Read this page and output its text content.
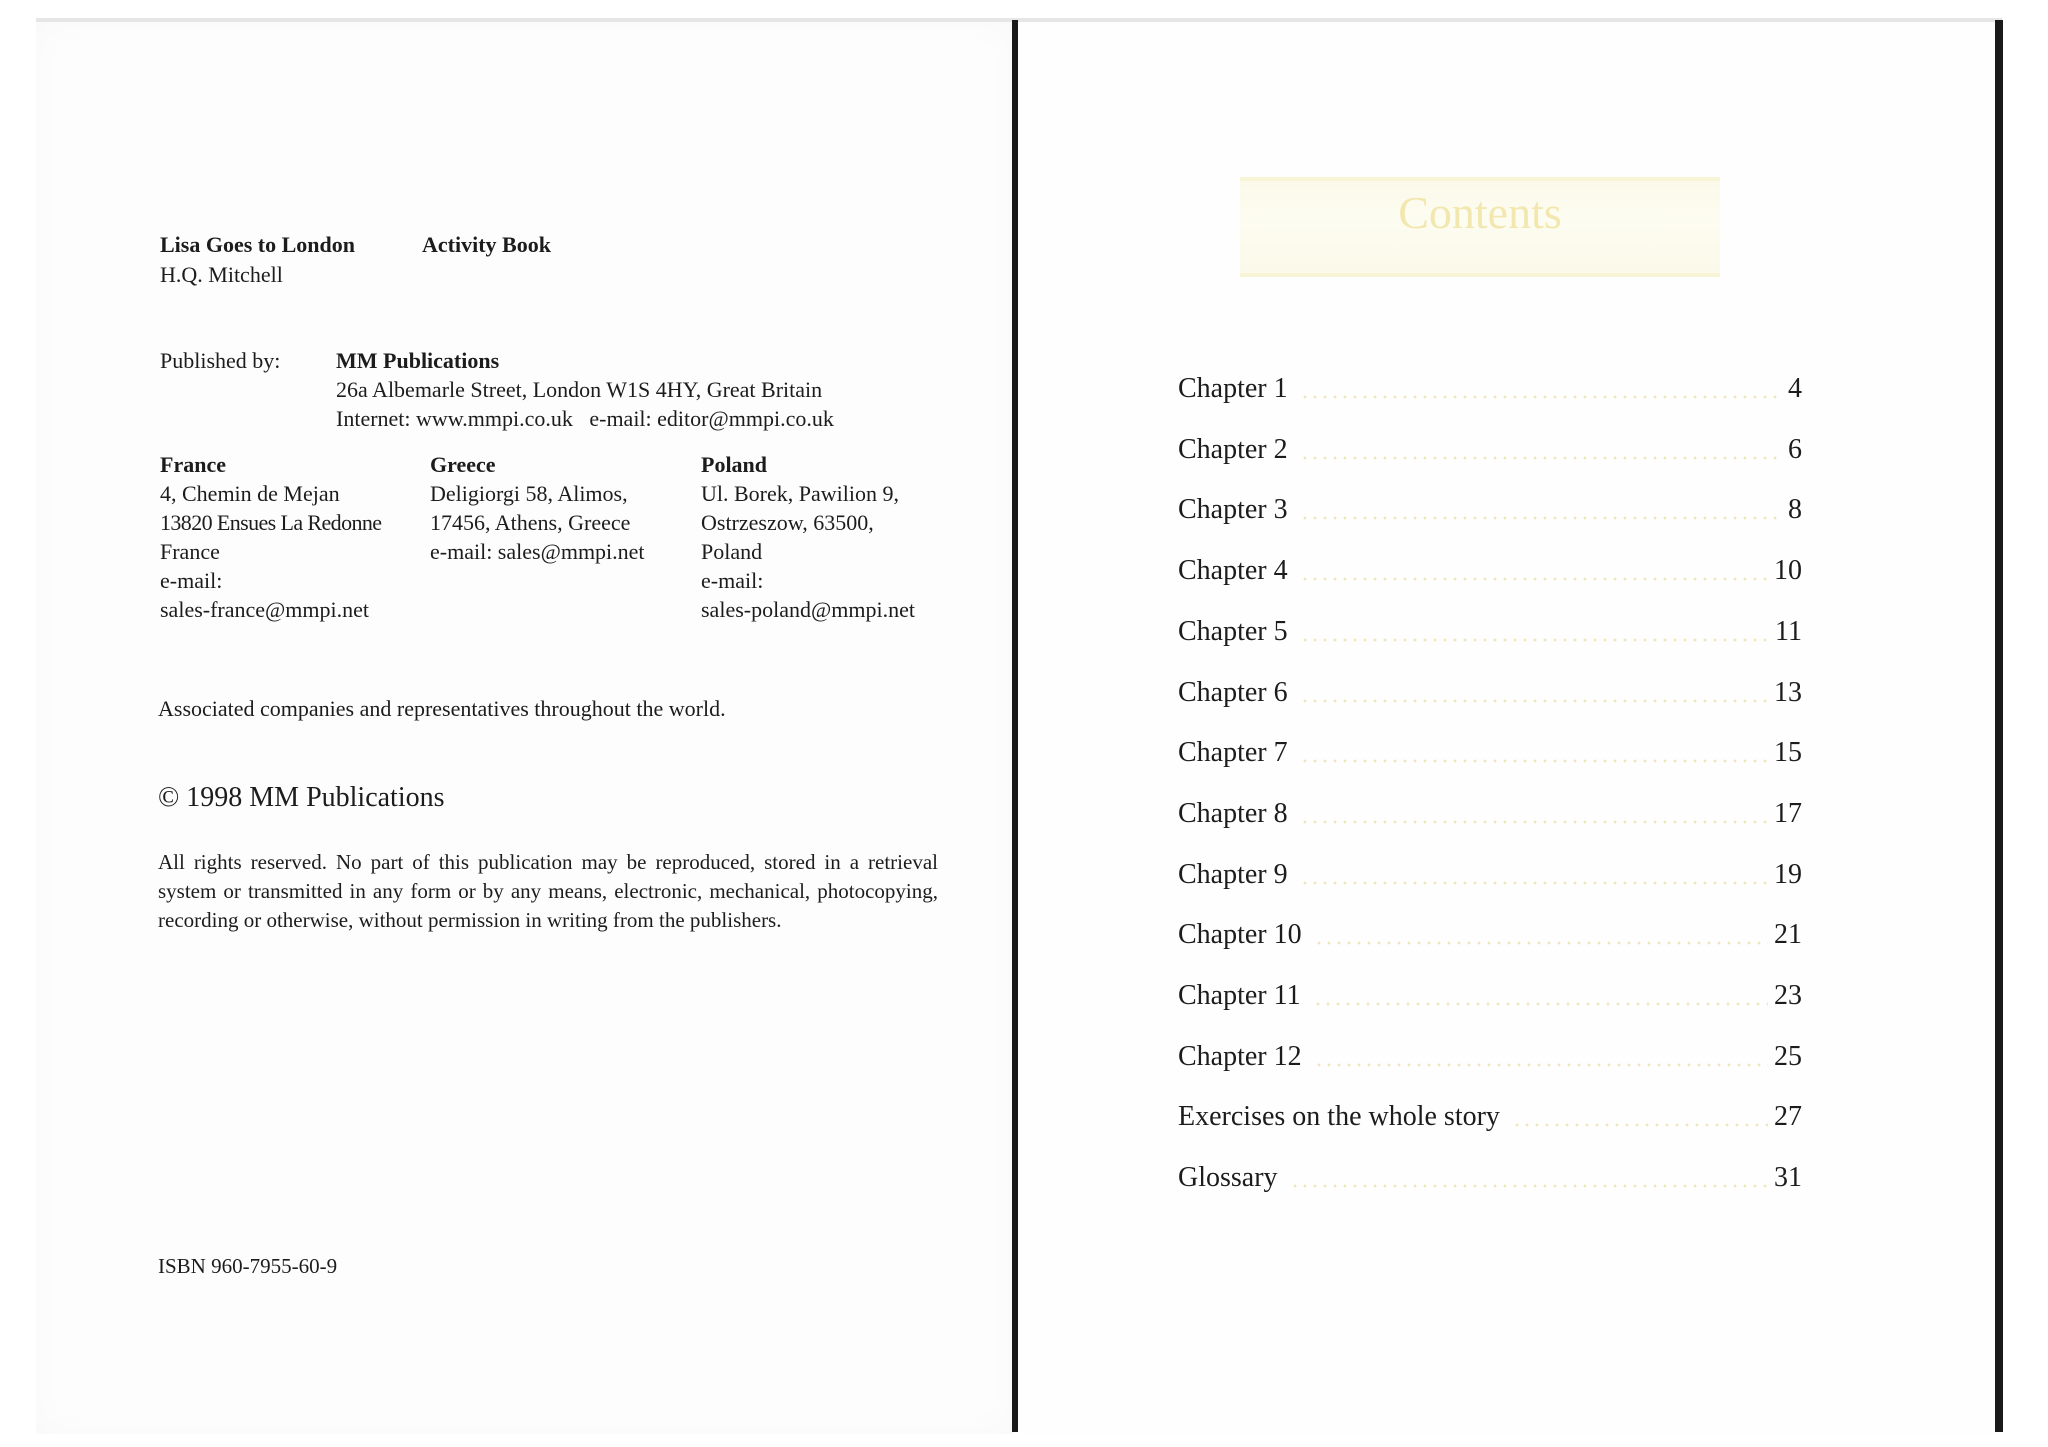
Lisa Goes to London	Activity Book
H.Q. Mitchell
Published by:	MM Publications
26a Albemarle Street, London W1S 4HY, Great Britain
Internet: www.mmpi.co.uk   e-mail: editor@mmpi.co.uk
France
4, Chemin de Mejan
13820 Ensues La Redonne
France
e-mail:
sales-france@mmpi.net
Greece
Deligiorgi 58, Alimos,
17456, Athens, Greece
e-mail: sales@mmpi.net
Poland
Ul. Borek, Pawilion 9,
Ostrzeszow, 63500,
Poland
e-mail:
sales-poland@mmpi.net
Associated companies and representatives throughout the world.
© 1998 MM Publications
All rights reserved. No part of this publication may be reproduced, stored in a retrieval system or transmitted in any form or by any means, electronic, mechanical, photocopying, recording or otherwise, without permission in writing from the publishers.
ISBN 960-7955-60-9
Contents
Chapter 1	4
Chapter 2	6
Chapter 3	8
Chapter 4	10
Chapter 5	11
Chapter 6	13
Chapter 7	15
Chapter 8	17
Chapter 9	19
Chapter 10	21
Chapter 11	23
Chapter 12	25
Exercises on the whole story	27
Glossary	31
